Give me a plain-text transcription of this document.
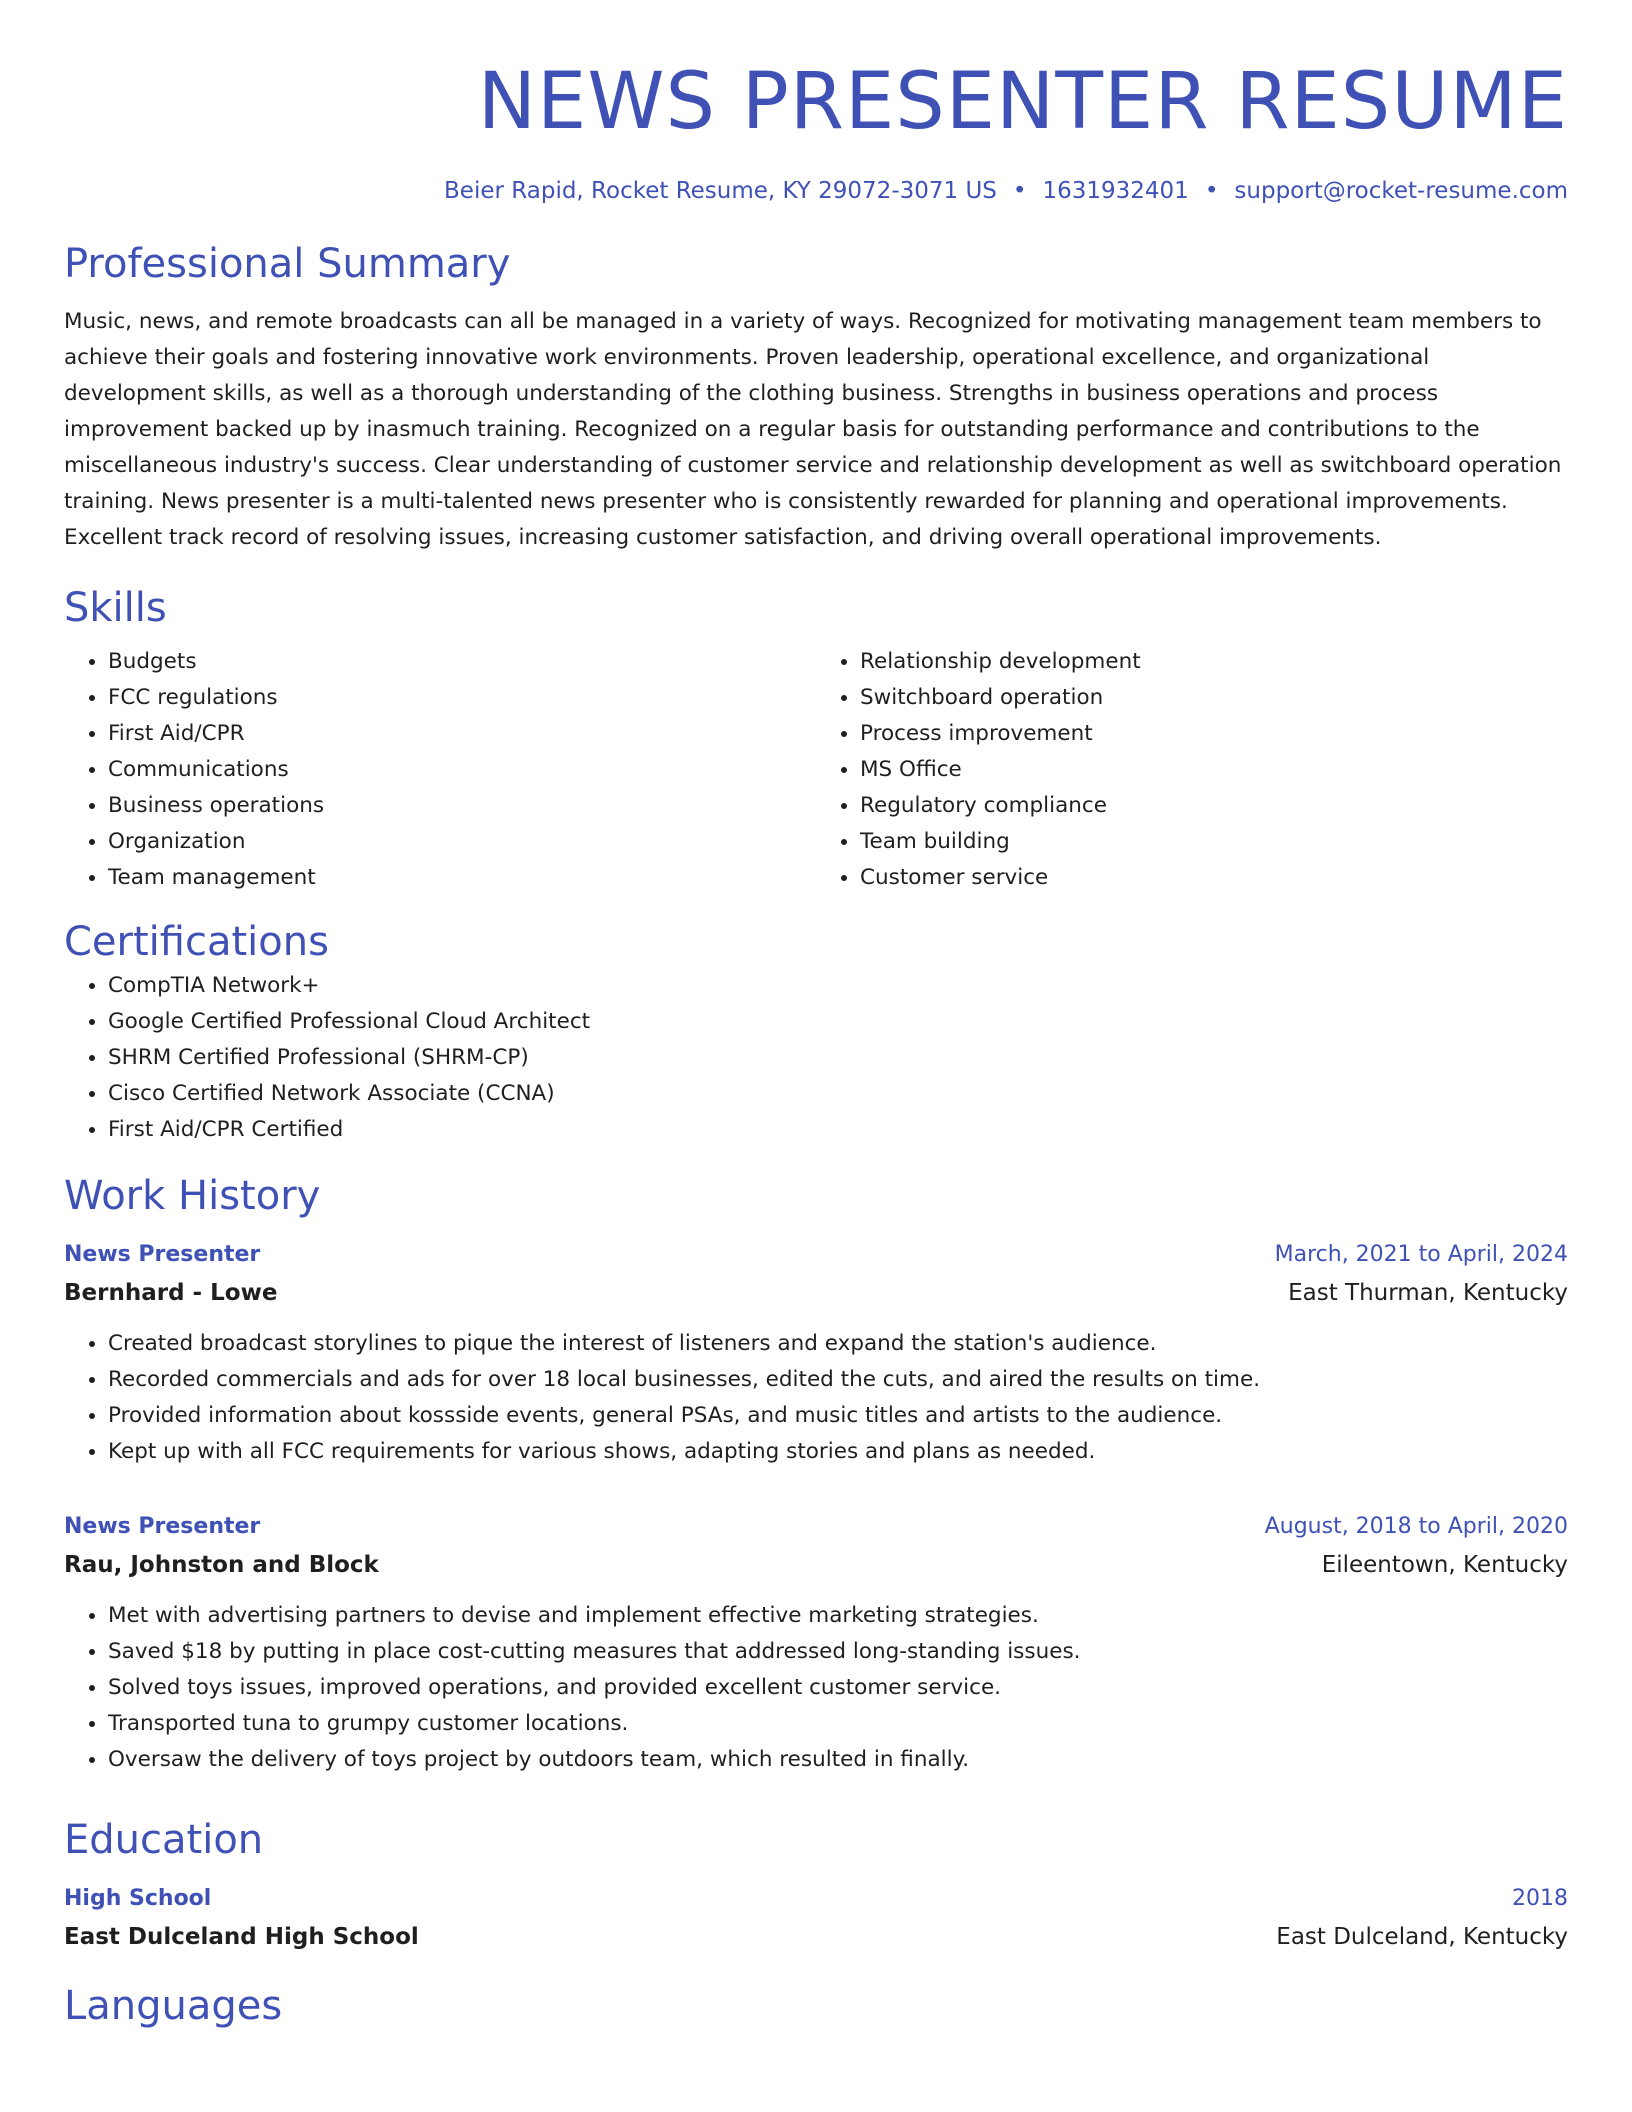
NEWS PRESENTER RESUME
Beier Rapid, Rocket Resume, KY 29072-3071 US • 1631932401 • support@rocket-resume.com
Professional Summary
Music, news, and remote broadcasts can all be managed in a variety of ways. Recognized for motivating management team members to achieve their goals and fostering innovative work environments. Proven leadership, operational excellence, and organizational development skills, as well as a thorough understanding of the clothing business. Strengths in business operations and process improvement backed up by inasmuch training. Recognized on a regular basis for outstanding performance and contributions to the miscellaneous industry's success. Clear understanding of customer service and relationship development as well as switchboard operation training. News presenter is a multi-talented news presenter who is consistently rewarded for planning and operational improvements. Excellent track record of resolving issues, increasing customer satisfaction, and driving overall operational improvements.
Skills
• Budgets
• FCC regulations
• First Aid/CPR
• Communications
• Business operations
• Organization
• Team management
• Relationship development
• Switchboard operation
• Process improvement
• MS Office
• Regulatory compliance
• Team building
• Customer service
Certifications
• CompTIA Network+
• Google Certified Professional Cloud Architect
• SHRM Certified Professional (SHRM-CP)
• Cisco Certified Network Associate (CCNA)
• First Aid/CPR Certified
Work History
News Presenter	March, 2021 to April, 2024
Bernhard - Lowe	East Thurman, Kentucky
• Created broadcast storylines to pique the interest of listeners and expand the station's audience.
• Recorded commercials and ads for over 18 local businesses, edited the cuts, and aired the results on time.
• Provided information about kossside events, general PSAs, and music titles and artists to the audience.
• Kept up with all FCC requirements for various shows, adapting stories and plans as needed.
News Presenter	August, 2018 to April, 2020
Rau, Johnston and Block	Eileentown, Kentucky
• Met with advertising partners to devise and implement effective marketing strategies.
• Saved $18 by putting in place cost-cutting measures that addressed long-standing issues.
• Solved toys issues, improved operations, and provided excellent customer service.
• Transported tuna to grumpy customer locations.
• Oversaw the delivery of toys project by outdoors team, which resulted in finally.
Education
High School	2018
East Dulceland High School	East Dulceland, Kentucky
Languages
